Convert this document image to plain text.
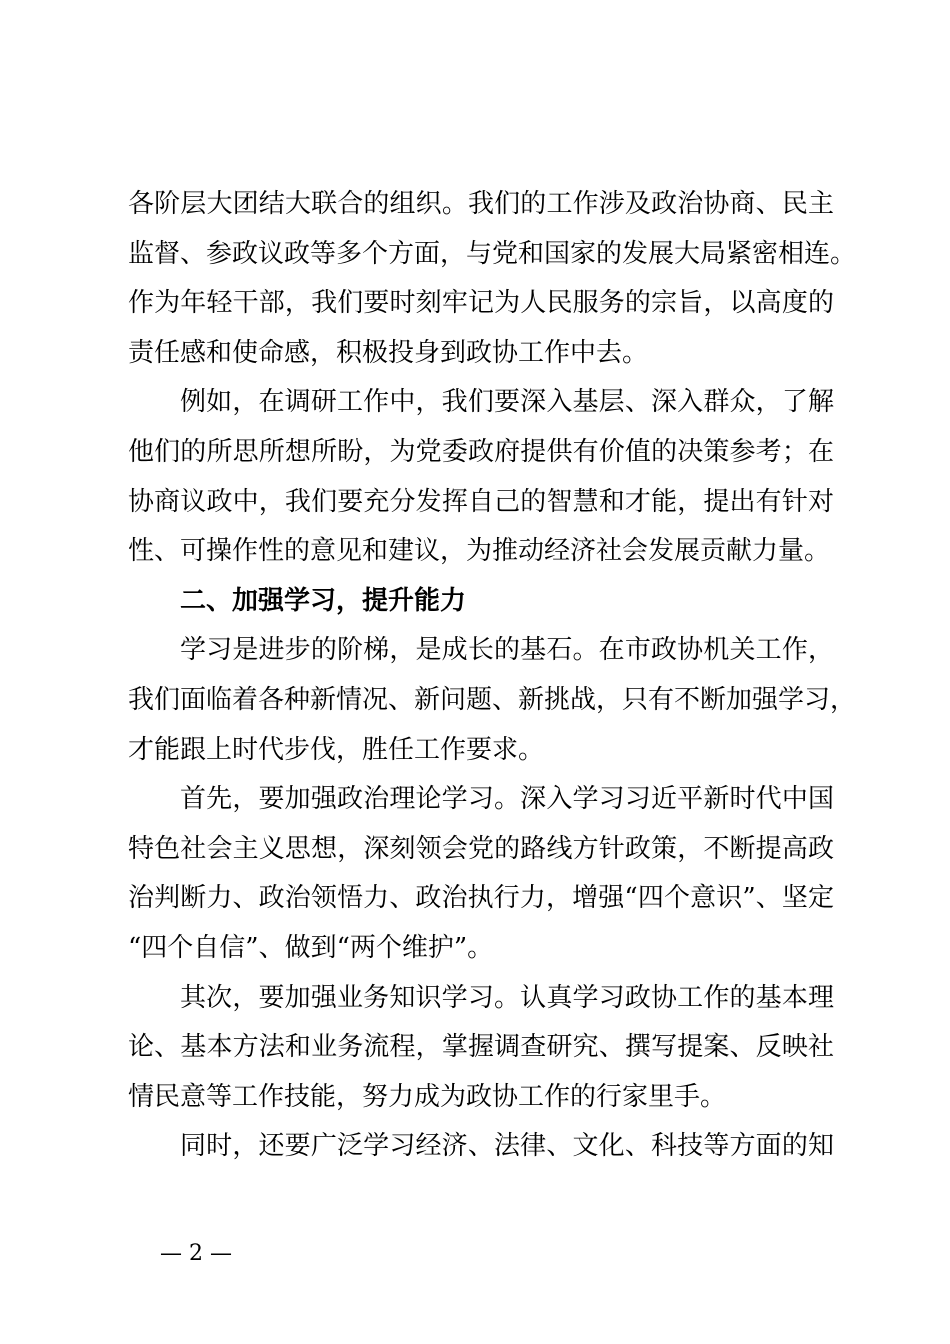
各阶层大团结大联合的组织。我们的工作涉及政治协商、民主
监督、参政议政等多个方面，与党和国家的发展大局紧密相连。
作为年轻干部，我们要时刻牢记为人民服务的宗旨，以高度的
责任感和使命感，积极投身到政协工作中去。
例如，在调研工作中，我们要深入基层、深入群众，了解
他们的所思所想所盼，为党委政府提供有价值的决策参考；在
协商议政中，我们要充分发挥自己的智慧和才能，提出有针对
性、可操作性的意见和建议，为推动经济社会发展贡献力量。
二、加强学习，提升能力
学习是进步的阶梯，是成长的基石。在市政协机关工作，
我们面临着各种新情况、新问题、新挑战，只有不断加强学习，
才能跟上时代步伐，胜任工作要求。
首先，要加强政治理论学习。深入学习习近平新时代中国
特色社会主义思想，深刻领会党的路线方针政策，不断提高政
治判断力、政治领悟力、政治执行力，增强“四个意识”、坚定
“四个自信”、做到“两个维护”。
其次，要加强业务知识学习。认真学习政协工作的基本理
论、基本方法和业务流程，掌握调查研究、撰写提案、反映社
情民意等工作技能，努力成为政协工作的行家里手。
同时，还要广泛学习经济、法律、文化、科技等方面的知
— 2 —
